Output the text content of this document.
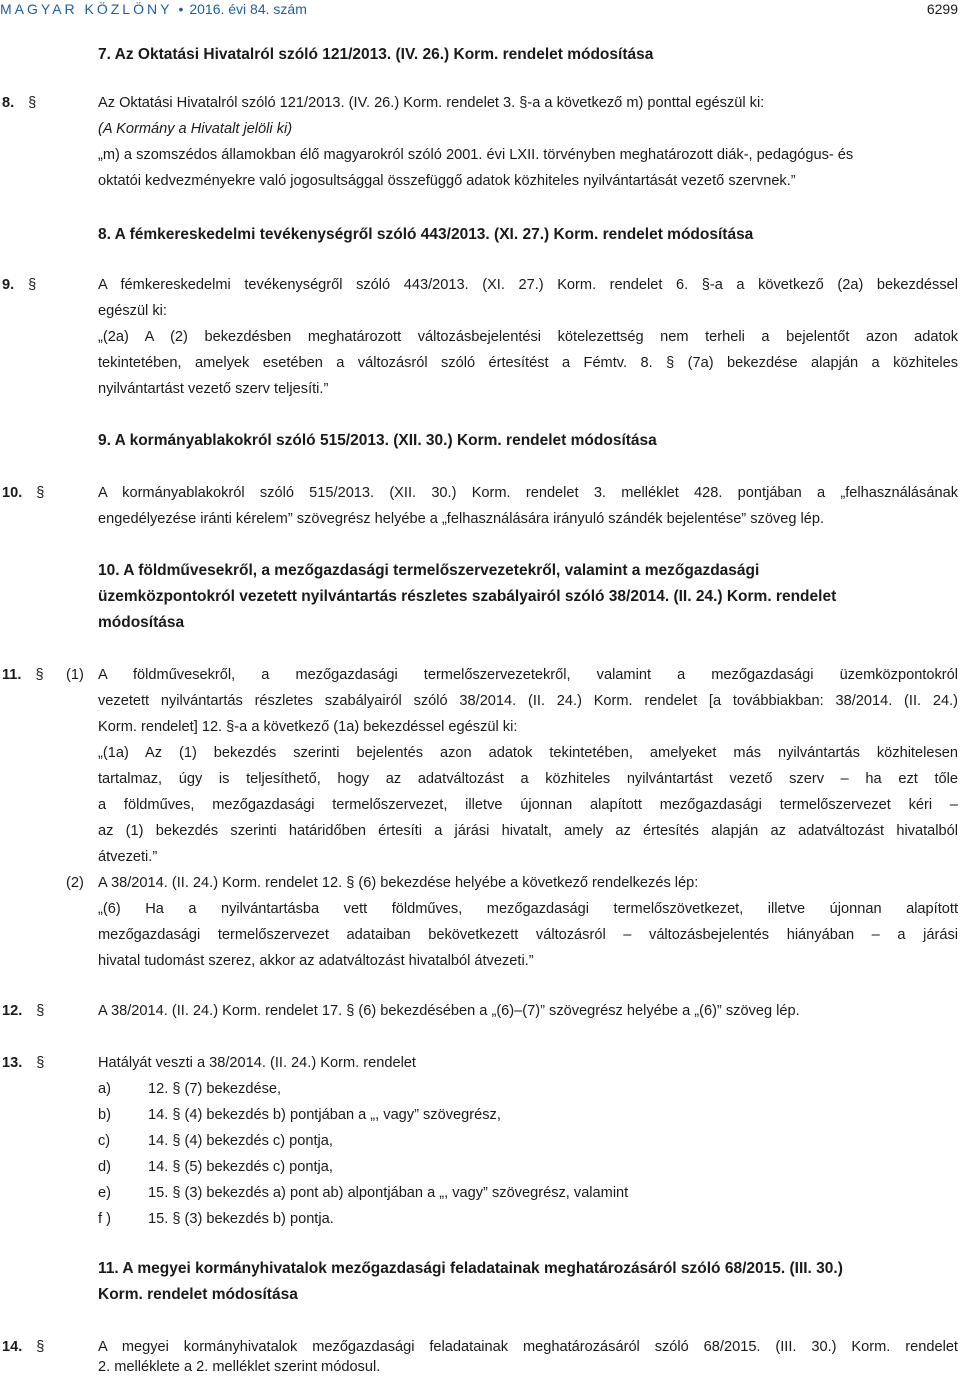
MAGYAR KÖZLÖNY • 2016. évi 84. szám	6299
7. Az Oktatási Hivatalról szóló 121/2013. (IV. 26.) Korm. rendelet módosítása
8. §	Az Oktatási Hivatalról szóló 121/2013. (IV. 26.) Korm. rendelet 3. §-a a következő m) ponttal egészül ki:
(A Kormány a Hivatalt jelöli ki)
„m) a szomszédos államokban élő magyarokról szóló 2001. évi LXII. törvényben meghatározott diák-, pedagógus- és
oktatói kedvezményekre való jogosultsággal összefüggő adatok közhiteles nyilvántartását vezető szervnek.”
8. A fémkereskedelmi tevékenységről szóló 443/2013. (XI. 27.) Korm. rendelet módosítása
9. §	A fémkereskedelmi tevékenységről szóló 443/2013. (XI. 27.) Korm. rendelet 6. §-a a következő (2a) bekezdéssel
egészül ki:
„(2a) A (2) bekezdésben meghatározott változásbejelentési kötelezettség nem terheli a bejelentőt azon adatok
tekintetében, amelyek esetében a változásról szóló értesítést a Fémtv. 8. § (7a) bekezdése alapján a közhiteles
nyilvántartást vezető szerv teljesíti.”
9. A kormányablakokról szóló 515/2013. (XII. 30.) Korm. rendelet módosítása
10. §	A kormányablakokról szóló 515/2013. (XII. 30.) Korm. rendelet 3. melléklet 428. pontjában a „felhasználásának
engedélyezése iránti kérelem” szövegrész helyébe a „felhasználására irányuló szándék bejelentése” szöveg lép.
10. A földművesekről, a mezőgazdasági termelőszervezetekről, valamint a mezőgazdasági
üzemközpontokról vezetett nyilvántartás részletes szabályairól szóló 38/2014. (II. 24.) Korm. rendelet
módosítása
11. § (1) A földművesekről, a mezőgazdasági termelőszervezetekről, valamint a mezőgazdasági üzemközpontokról
vezetett nyilvántartás részletes szabályairól szóló 38/2014. (II. 24.) Korm. rendelet [a továbbiakban: 38/2014. (II. 24.)
Korm. rendelet] 12. §-a a következő (1a) bekezdéssel egészül ki:
„(1a) Az (1) bekezdés szerinti bejelentés azon adatok tekintetében, amelyeket más nyilvántartás közhitelesen
tartalmaz, úgy is teljesíthető, hogy az adatváltozást a közhiteles nyilvántartást vezető szerv – ha ezt tőle
a földműves, mezőgazdasági termelőszervezet, illetve újonnan alapított mezőgazdasági termelőszervezet kéri –
az (1) bekezdés szerinti határidőben értesíti a járási hivatalt, amely az értesítés alapján az adatváltozást hivatalból
átvezeti.”
(2) A 38/2014. (II. 24.) Korm. rendelet 12. § (6) bekezdése helyébe a következő rendelkezés lép:
„(6) Ha a nyilvántartásba vett földműves, mezőgazdasági termelőszövetkezet, illetve újonnan alapított
mezőgazdasági termelőszervezet adataiban bekövetkezett változásról – változásbejelentés hiányában – a járási
hivatal tudomást szerez, akkor az adatváltozást hivatalból átvezeti.”
12. §	A 38/2014. (II. 24.) Korm. rendelet 17. § (6) bekezdésében a „(6)–(7)” szövegrész helyébe a „(6)” szöveg lép.
13. §	Hatályát veszti a 38/2014. (II. 24.) Korm. rendelet
a)	12. § (7) bekezdése,
b)	14. § (4) bekezdés b) pontjában a „, vagy” szövegrész,
c)	14. § (4) bekezdés c) pontja,
d)	14. § (5) bekezdés c) pontja,
e)	15. § (3) bekezdés a) pont ab) alpontjában a „, vagy” szövegrész, valamint
f )	15. § (3) bekezdés b) pontja.
11. A megyei kormányhivatalok mezőgazdasági feladatainak meghatározásáról szóló 68/2015. (III. 30.)
Korm. rendelet módosítása
14. §	A megyei kormányhivatalok mezőgazdasági feladatainak meghatározásáról szóló 68/2015. (III. 30.) Korm. rendelet
2. melléklete a 2. melléklet szerint módosul.
